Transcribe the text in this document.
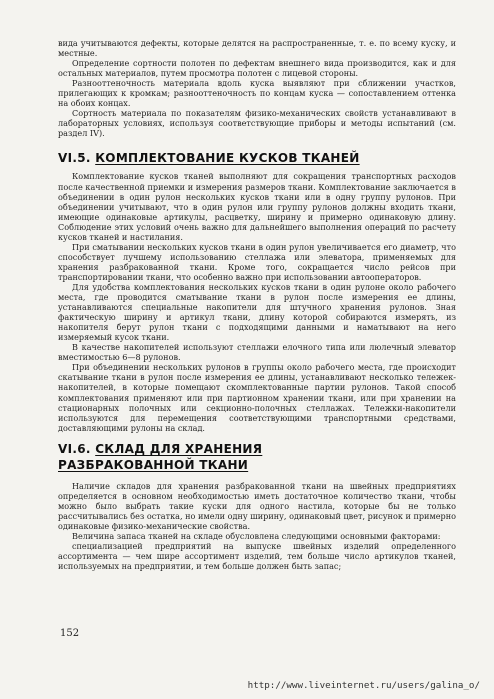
вида учитываются дефекты, которые делятся на распространенные, т. е. по всему куску, и местные.

Определение сортности полотен по дефектам внешнего вида производится, как и для остальных материалов, путем просмотра полотен с лицевой стороны.

Разнооттеночность материала вдоль куска выявляют при сближении участков, прилегающих к кромкам; разнооттеночность по концам куска — сопоставлением оттенка на обоих концах.

Сортность материала по показателям физико-механических свойств устанавливают в лабораторных условиях, используя соответствующие приборы и методы испытаний (см. раздел IV).

VI.5. КОМПЛЕКТОВАНИЕ КУСКОВ ТКАНЕЙ

Комплектование кусков тканей выполняют для сокращения транспортных расходов после качественной приемки и измерения размеров ткани. Комплектование заключается в объединении в один рулон нескольких кусков ткани или в одну группу рулонов. При объединении учитывают, что в один рулон или группу рулонов должны входить ткани, имеющие одинаковые артикулы, расцветку, ширину и примерно одинаковую длину. Соблюдение этих условий очень важно для дальнейшего выполнения операций по расчету кусков тканей и настилания.

При сматывании нескольких кусков ткани в один рулон увеличивается его диаметр, что способствует лучшему использованию стеллажа или элеватора, применяемых для хранения разбракованной ткани. Кроме того, сокращается число рейсов при транспортировании ткани, что особенно важно при использовании автооператоров.

Для удобства комплектования нескольких кусков ткани в один рулоне около рабочего места, где проводится сматывание ткани в рулон после измерения ее длины, устанавливаются специальные накопители для штучного хранения рулонов. Зная фактическую ширину и артикул ткани, длину которой собираются измерять, из накопителя берут рулон ткани с подходящими данными и наматывают на него измеряемый кусок ткани.

В качестве накопителей используют стеллажи елочного типа или люлечный элеватор вместимостью 6—8 рулонов.

При объединении нескольких рулонов в группы около рабочего места, где происходит скатывание ткани в рулон после измерения ее длины, устанавливают несколько тележек-накопителей, в которые помещают скомплектованные партии рулонов. Такой способ комплектования применяют или при партионном хранении ткани, или при хранении на стационарных полочных или секционно-полочных стеллажах. Тележки-накопители используются для перемещения соответствующими транспортными средствами, доставляющими рулоны на склад.

VI.6. СКЛАД ДЛЯ ХРАНЕНИЯ
РАЗБРАКОВАННОЙ ТКАНИ

Наличие складов для хранения разбракованной ткани на швейных предприятиях определяется в основном необходимостью иметь достаточное количество ткани, чтобы можно было выбрать такие куски для одного настила, которые бы не только рассчитывались без остатка, но имели одну ширину, одинаковый цвет, рисунок и примерно одинаковые физико-механические свойства.

Величина запаса тканей на складе обусловлена следующими основными факторами:

специализацией предприятий на выпуске швейных изделий определенного ассортимента — чем шире ассортимент изделий, тем больше число артикулов тканей, используемых на предприятии, и тем больше должен быть запас;

152
http://www.liveinternet.ru/users/galina_o/
